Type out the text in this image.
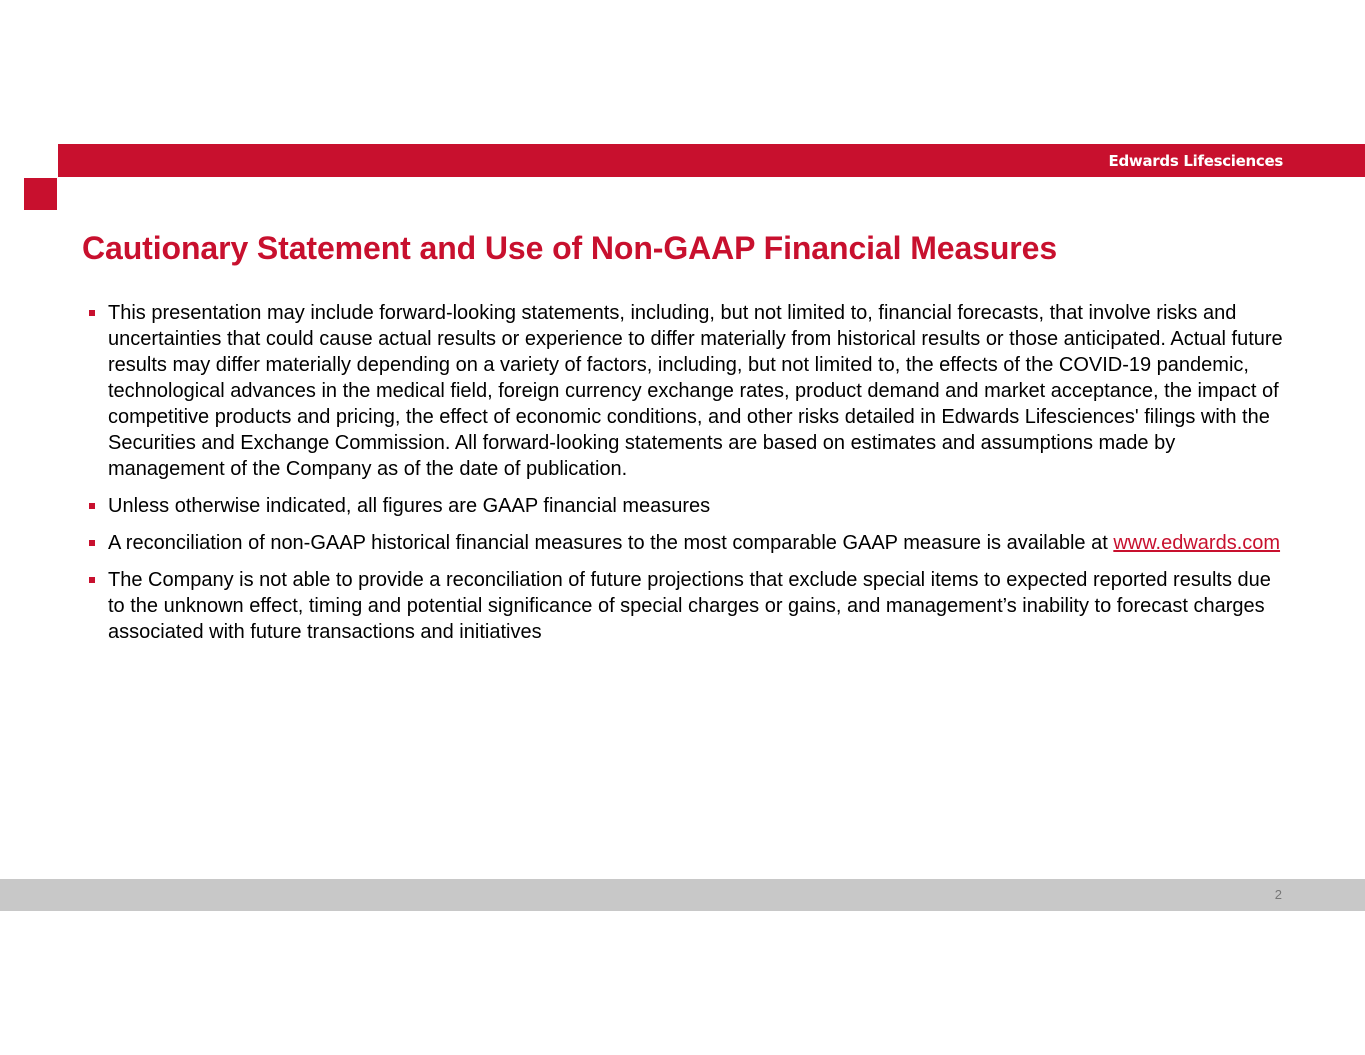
Edwards Lifesciences
Cautionary Statement and Use of Non-GAAP Financial Measures
This presentation may include forward-looking statements, including, but not limited to, financial forecasts, that involve risks and uncertainties that could cause actual results or experience to differ materially from historical results or those anticipated. Actual future results may differ materially depending on a variety of factors, including, but not limited to, the effects of the COVID-19 pandemic, technological advances in the medical field, foreign currency exchange rates, product demand and market acceptance, the impact of competitive products and pricing, the effect of economic conditions, and other risks detailed in Edwards Lifesciences' filings with the Securities and Exchange Commission. All forward-looking statements are based on estimates and assumptions made by management of the Company as of the date of publication.
Unless otherwise indicated, all figures are GAAP financial measures
A reconciliation of non-GAAP historical financial measures to the most comparable GAAP measure is available at www.edwards.com
The Company is not able to provide a reconciliation of future projections that exclude special items to expected reported results due to the unknown effect, timing and potential significance of special charges or gains, and management’s inability to forecast charges associated with future transactions and initiatives
2
